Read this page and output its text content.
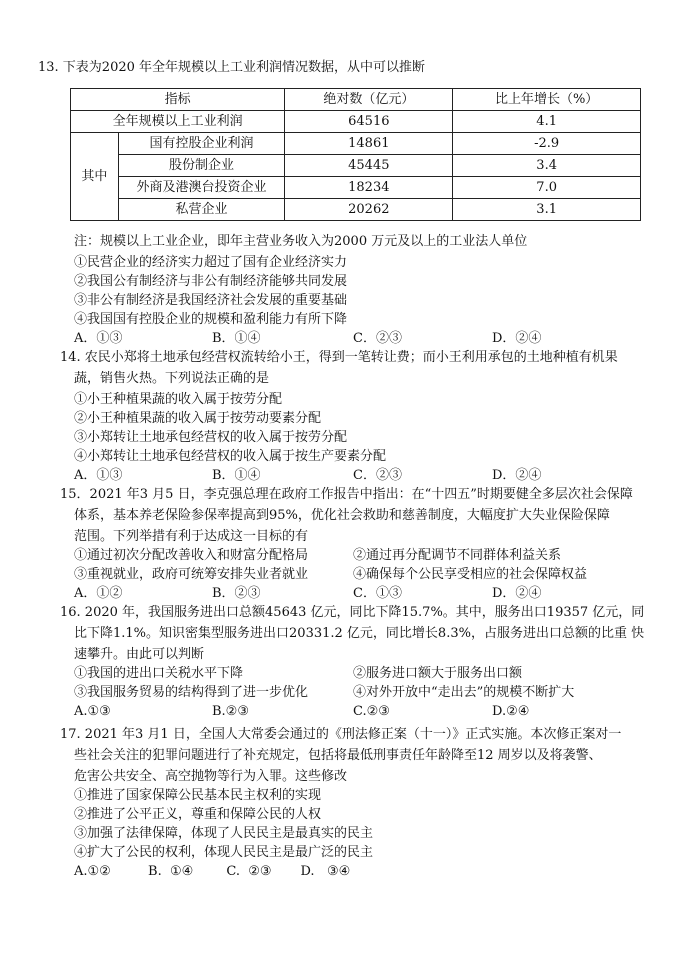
13. 下表为2020 年全年规模以上工业利润情况数据，从中可以推断
指标		绝对数（亿元）	比上年增长（%）
全年规模以上工业利润		64516	4.1
其中	国有控股企业利润	14861	-2.9
	股份制企业	45445	3.4
	外商及港澳台投资企业	18234	7.0
	私营企业	20262	3.1
注：规模以上工业企业，即年主营业务收入为2000 万元及以上的工业法人单位
①民营企业的经济实力超过了国有企业经济实力
②我国公有制经济与非公有制经济能够共同发展
③非公有制经济是我国经济社会发展的重要基础
④我国国有控股企业的规模和盈利能力有所下降
A．①③	B．①④	C．②③	D．②④
14. 农民小郑将土地承包经营权流转给小王，得到一笔转让费；而小王利用承包的土地种植有机果
蔬，销售火热。下列说法正确的是
①小王种植果蔬的收入属于按劳分配
②小王种植果蔬的收入属于按劳动要素分配
③小郑转让土地承包经营权的收入属于按劳分配
④小郑转让土地承包经营权的收入属于按生产要素分配
A．①③	B．①④	C．②③	D．②④
15．2021 年3 月5 日，李克强总理在政府工作报告中指出：在“十四五”时期要健全多层次社会保障
体系，基本养老保险参保率提高到95%，优化社会救助和慈善制度，大幅度扩大失业保险保障
范围。下列举措有利于达成这一目标的有
①通过初次分配改善收入和财富分配格局	②通过再分配调节不同群体利益关系
③重视就业，政府可统筹安排失业者就业	④确保每个公民享受相应的社会保障权益
A．①②	B．②③	C．①③	D．②④
16. 2020 年，我国服务进出口总额45643 亿元，同比下降15.7%。其中，服务出口19357 亿元，同
比下降1.1%。知识密集型服务进出口20331.2 亿元，同比增长8.3%，占服务进出口总额的比重 快
速攀升。由此可以判断
①我国的进出口关税水平下降	②服务进口额大于服务出口额
③我国服务贸易的结构得到了进一步优化	④对外开放中“走出去”的规模不断扩大
A.①③	B.②③	C.②③	D.②④
17. 2021 年3 月1 日，全国人大常委会通过的《刑法修正案（十一）》正式实施。本次修正案对一
些社会关注的犯罪问题进行了补充规定，包括将最低刑事责任年龄降至12 周岁以及将袭警、
危害公共安全、高空抛物等行为入罪。这些修改
①推进了国家保障公民基本民主权利的实现
②推进了公平正义，尊重和保障公民的人权
③加强了法律保障，体现了人民民主是最真实的民主
④扩大了公民的权利，体现人民民主是最广泛的民主
A.①②         B.  ①④        C.  ②③       D.   ③④
